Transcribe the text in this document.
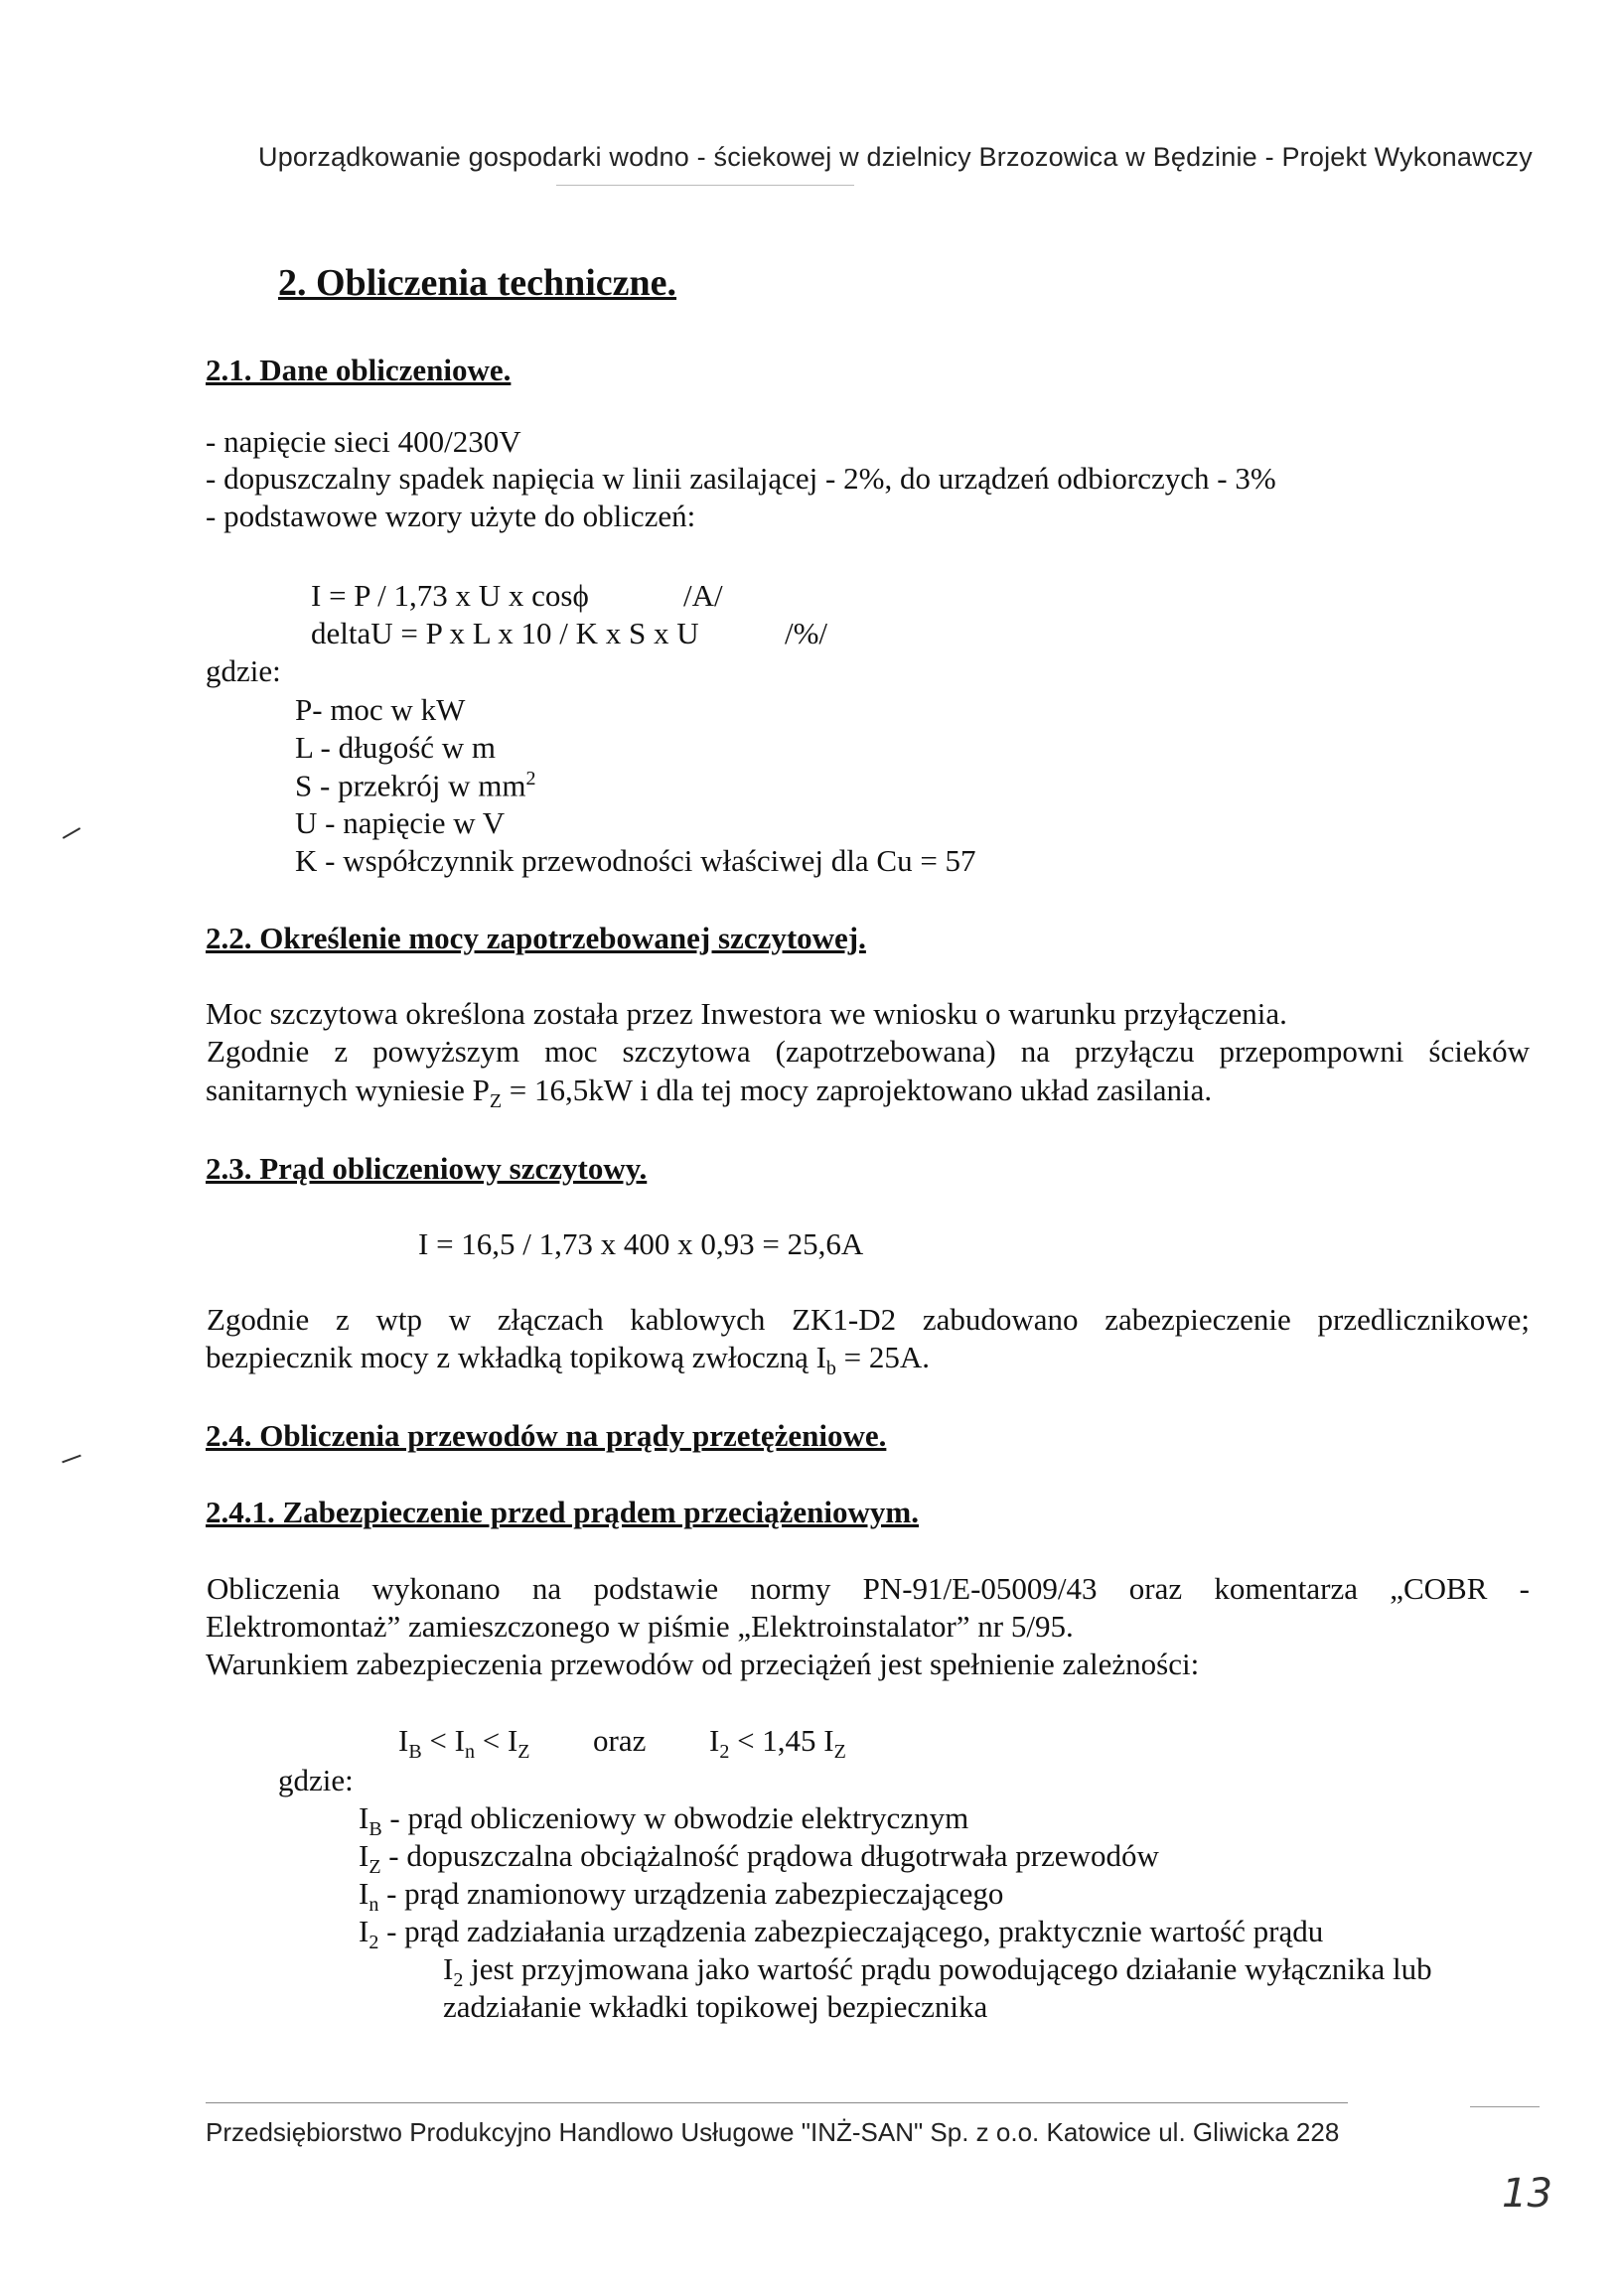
Uporządkowanie gospodarki wodno - ściekowej w dzielnicy Brzozowica w Będzinie - Projekt Wykonawczy
2. Obliczenia techniczne.
2.1. Dane obliczeniowe.
- napięcie sieci 400/230V
- dopuszczalny spadek napięcia w linii zasilającej - 2%, do urządzeń odbiorczych - 3%
- podstawowe wzory użyte do obliczeń:
I = P / 1,73 x U x cosϕ	/A/
deltaU = P x L x 10 / K x S x U	/%/
gdzie:
P- moc w kW
L - długość w m
S - przekrój w $mm^2$
U - napięcie w V
K - współczynnik przewodności właściwej dla Cu = 57
2.2. Określenie mocy zapotrzebowanej szczytowej.
Moc szczytowa określona została przez Inwestora we wniosku o warunku przyłączenia.
Zgodnie z powyższym moc szczytowa (zapotrzebowana) na przyłączu przepompowni ścieków
sanitarnych wyniesie $P_Z = 16,5kW$ i dla tej mocy zaprojektowano układ zasilania.
2.3. Prąd obliczeniowy szczytowy.
I = 16,5 / 1,73 x 400 x 0,93 = 25,6A
Zgodnie z wtp w złączach kablowych ZK1-D2 zabudowano zabezpieczenie przedlicznikowe;
bezpiecznik mocy z wkładką topikową zwłoczną $I_b = 25A$.
2.4. Obliczenia przewodów na prądy przetężeniowe.
2.4.1. Zabezpieczenie przed prądem przeciążeniowym.
Obliczenia wykonano na podstawie normy PN-91/E-05009/43 oraz komentarza „COBR -
Elektromontaż” zamieszczonego w piśmie „Elektroinstalator” nr 5/95.
Warunkiem zabezpieczenia przewodów od przeciążeń jest spełnienie zależności:
$I_B < I_n < I_Z$ oraz $I_2 < 1,45$ $I_Z$
gdzie:
$I_B$ - prąd obliczeniowy w obwodzie elektrycznym
$I_Z$ - dopuszczalna obciążalność prądowa długotrwała przewodów
$I_n$ - prąd znamionowy urządzenia zabezpieczającego
$I_2$ - prąd zadziałania urządzenia zabezpieczającego, praktycznie wartość prądu
$I_2$ jest przyjmowana jako wartość prądu powodującego działanie wyłącznika lub
zadziałanie wkładki topikowej bezpiecznika
Przedsiębiorstwo Produkcyjno Handlowo Usługowe "INŻ-SAN" Sp. z o.o. Katowice ul. Gliwicka 228
13
